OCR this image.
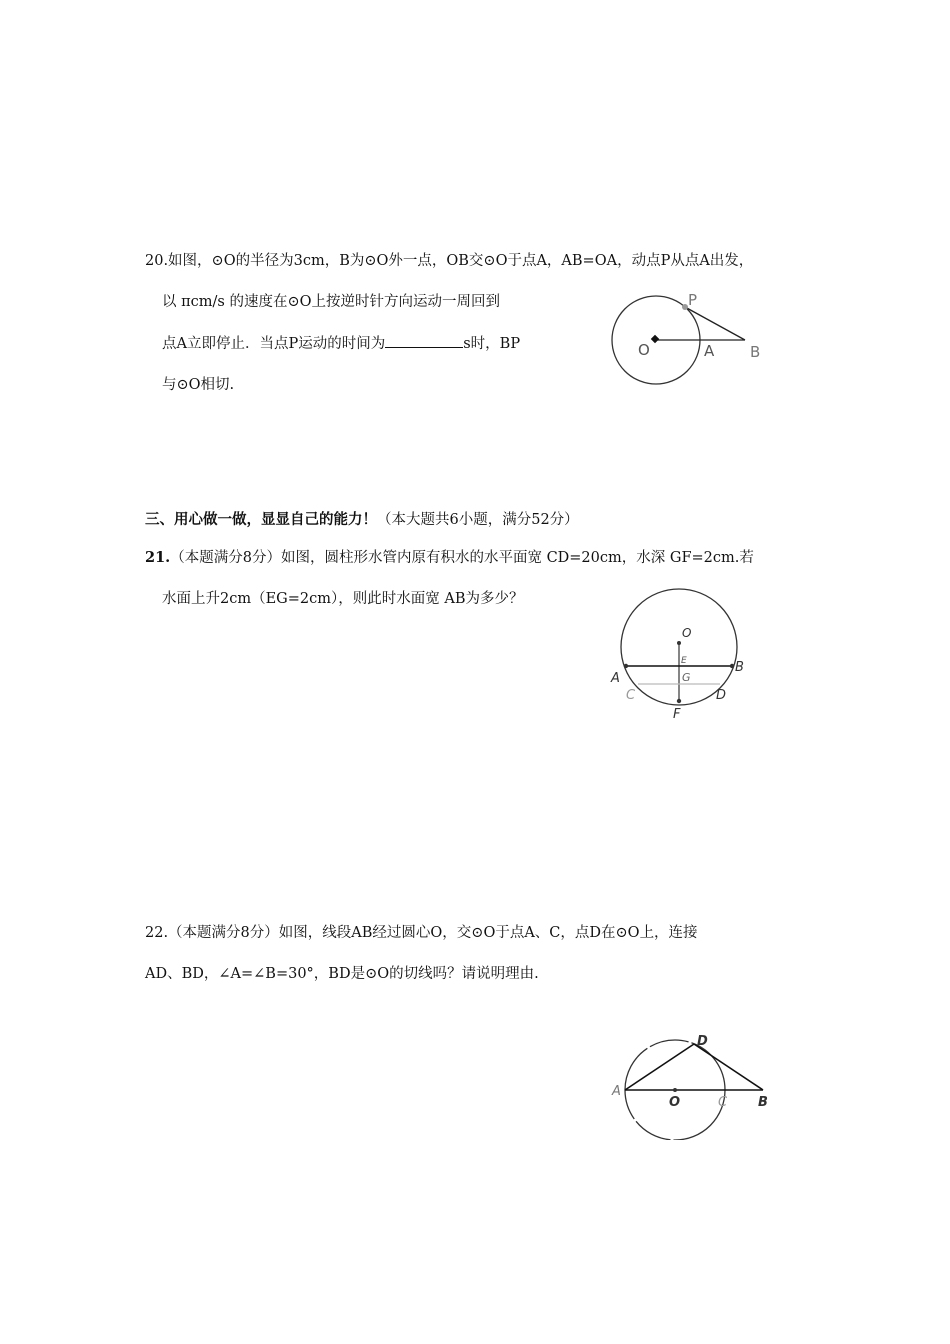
20.如图，⊙O的半径为3cm，B为⊙O外一点，OB交⊙O于点A，AB=OA，动点P从点A出发，
以 πcm/s 的速度在⊙O上按逆时针方向运动一周回到
点A立即停止．当点P运动的时间为	s时，BP
与⊙O相切.
P
O	A B
三、用心做一做，显显自己的能力！（本大题共6小题，满分52分）
21.（本题满分8分）如图，圆柱形水管内原有积水的水平面宽 CD=20cm，水深 GF=2cm.若
水面上升2cm（EG=2cm），则此时水面宽 AB为多少？
O
E
G
A
B
C	D
F
22.（本题满分8分）如图，线段AB经过圆心O，交⊙O于点A、C，点D在⊙O上，连接
AD、BD，∠A=∠B=30°，BD是⊙O的切线吗？请说明理由.
D
A
O	C B
